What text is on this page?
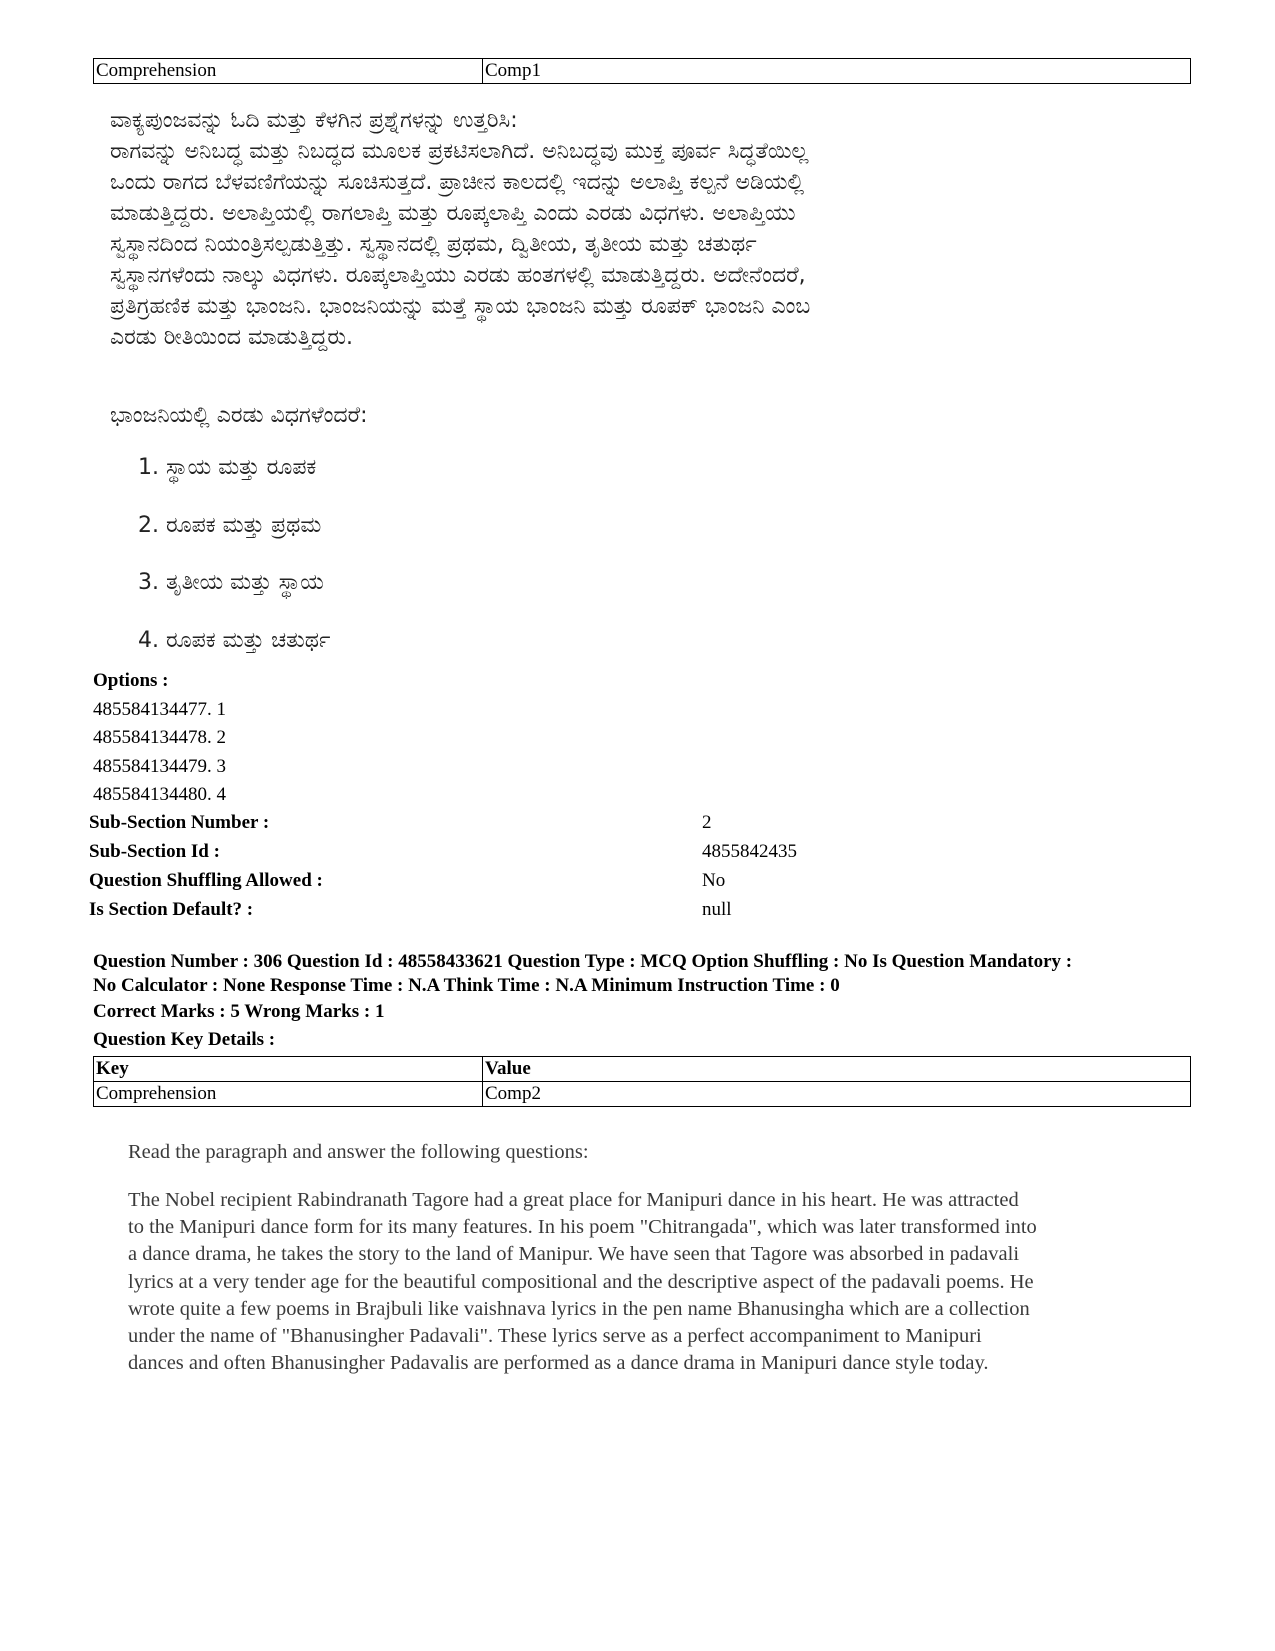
Comprehension	Comp1

ವಾಕ್ಯಪುಂಜವನ್ನು ಓದಿ ಮತ್ತು ಕೆಳಗಿನ ಪ್ರಶ್ನೆಗಳನ್ನು ಉತ್ತರಿಸಿ:

ರಾಗವನ್ನು ಅನಿಬದ್ಧ ಮತ್ತು ನಿಬದ್ಧದ ಮೂಲಕ ಪ್ರಕಟಿಸಲಾಗಿದೆ. ಅನಿಬದ್ಧವು ಮುಕ್ತ ಪೂರ್ವ ಸಿದ್ಧತೆಯಿಲ್ಲ

ಒಂದು ರಾಗದ ಬೆಳವಣಿಗೆಯನ್ನು ಸೂಚಿಸುತ್ತದೆ. ಪ್ರಾಚೀನ ಕಾಲದಲ್ಲಿ ಇದನ್ನು ಅಲಾಪ್ತಿ ಕಲ್ಪನೆ ಅಡಿಯಲ್ಲಿ

ಮಾಡುತ್ತಿದ್ದರು. ಅಲಾಪ್ತಿಯಲ್ಲಿ ರಾಗಲಾಪ್ತಿ ಮತ್ತು ರೂಪ್ಕಲಾಪ್ತಿ ಎಂದು ಎರಡು ವಿಧಗಳು. ಅಲಾಪ್ತಿಯು

ಸ್ವಸ್ಥಾನದಿಂದ ನಿಯಂತ್ರಿಸಲ್ಪಡುತ್ತಿತ್ತು. ಸ್ವಸ್ಥಾನದಲ್ಲಿ ಪ್ರಥಮ, ದ್ವಿತೀಯ, ತೃತೀಯ ಮತ್ತು ಚತುರ್ಥ

ಸ್ವಸ್ಥಾನಗಳೆಂದು ನಾಲ್ಕು ವಿಧಗಳು. ರೂಪ್ಕಲಾಪ್ತಿಯು ಎರಡು ಹಂತಗಳಲ್ಲಿ ಮಾಡುತ್ತಿದ್ದರು. ಅದೇನೆಂದರೆ,

ಪ್ರತಿಗ್ರಹಣಿಕ ಮತ್ತು ಭಾಂಜನಿ. ಭಾಂಜನಿಯನ್ನು ಮತ್ತೆ ಸ್ಥಾಯ ಭಾಂಜನಿ ಮತ್ತು ರೂಪಕ್ ಭಾಂಜನಿ ಎಂಬ

ಎರಡು ರೀತಿಯಿಂದ ಮಾಡುತ್ತಿದ್ದರು.

ಭಾಂಜನಿಯಲ್ಲಿ ಎರಡು ವಿಧಗಳೆಂದರೆ:

1. ಸ್ಥಾಯ ಮತ್ತು ರೂಪಕ
2. ರೂಪಕ ಮತ್ತು ಪ್ರಥಮ
3. ತೃತೀಯ ಮತ್ತು ಸ್ಥಾಯ
4. ರೂಪಕ ಮತ್ತು ಚತುರ್ಥ
Options :
485584134477. 1
485584134478. 2
485584134479. 3
485584134480. 4
Sub-Section Number :	2
Sub-Section Id :	4855842435
Question Shuffling Allowed :	No
Is Section Default? :	null

Question Number : 306 Question Id : 48558433621 Question Type : MCQ Option Shuffling : No Is Question Mandatory :

No Calculator : None Response Time : N.A Think Time : N.A Minimum Instruction Time : 0

Correct Marks : 5 Wrong Marks : 1
Question Key Details :
Key	Value
Comprehension	Comp2

Read the paragraph and answer the following questions:

The Nobel recipient Rabindranath Tagore had a great place for Manipuri dance in his heart. He was attracted

to the Manipuri dance form for its many features. In his poem "Chitrangada", which was later transformed into

a dance drama, he takes the story to the land of Manipur. We have seen that Tagore was absorbed in padavali

lyrics at a very tender age for the beautiful compositional and the descriptive aspect of the padavali poems. He

wrote quite a few poems in Brajbuli like vaishnava lyrics in the pen name Bhanusingha which are a collection

under the name of "Bhanusingher Padavali". These lyrics serve as a perfect accompaniment to Manipuri

dances and often Bhanusingher Padavalis are performed as a dance drama in Manipuri dance style today.
